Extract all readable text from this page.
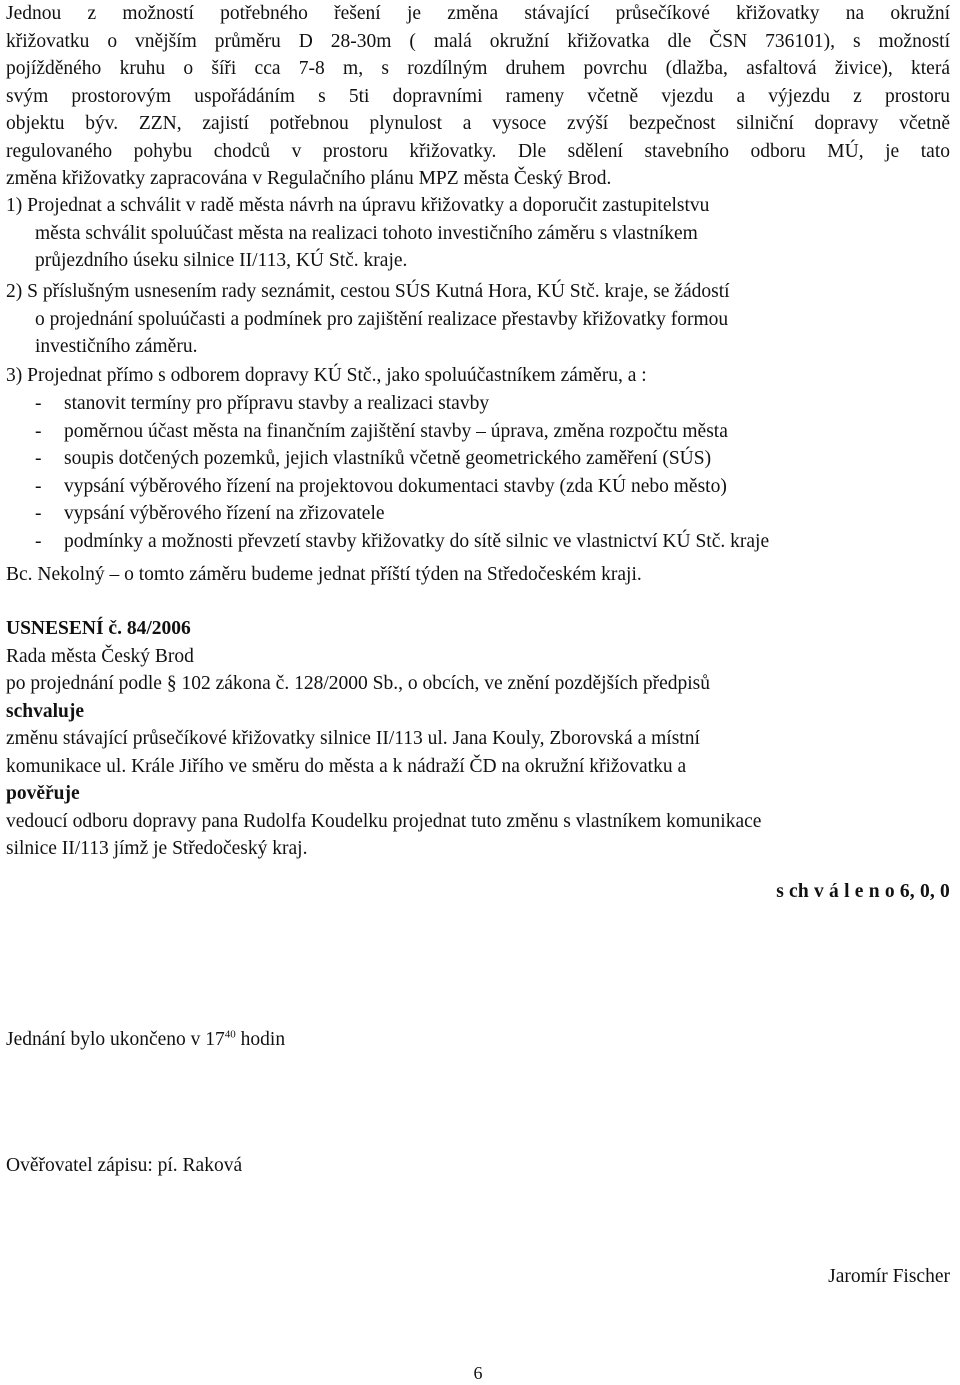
Jednou z možností potřebného řešení je změna stávající průsečíkové křižovatky na okružní
křižovatku o vnějším průměru D 28-30m ( malá okružní křižovatka dle ČSN 736101), s možností
pojížděného kruhu o šíři cca 7-8 m, s rozdílným druhem povrchu (dlažba, asfaltová živice), která
svým prostorovým uspořádáním s 5ti dopravními rameny včetně vjezdu a výjezdu z prostoru
objektu býv. ZZN, zajistí potřebnou plynulost a vysoce zvýší bezpečnost silniční dopravy včetně
regulovaného pohybu chodců v prostoru křižovatky. Dle sdělení stavebního odboru MÚ, je tato
změna křižovatky zapracována v Regulačního plánu MPZ města Český Brod.
1) Projednat a schválit v radě města návrh na úpravu křižovatky a doporučit zastupitelstvu
města schválit spoluúčast města na realizaci tohoto investičního záměru s vlastníkem
průjezdního úseku silnice II/113, KÚ Stč. kraje.
2) S příslušným usnesením rady seznámit, cestou SÚS Kutná Hora, KÚ Stč. kraje, se žádostí
o projednání spoluúčasti a podmínek pro zajištění realizace přestavby křižovatky formou
investičního záměru.
3) Projednat přímo s odborem dopravy KÚ Stč., jako spoluúčastníkem záměru, a :
- stanovit termíny pro přípravu stavby a realizaci stavby
- poměrnou účast města na finančním zajištění stavby – úprava, změna rozpočtu města
- soupis dotčených pozemků, jejich vlastníků včetně geometrického zaměření (SÚS)
- vypsání výběrového řízení na projektovou dokumentaci stavby (zda KÚ nebo město)
- vypsání výběrového řízení na zřizovatele
- podmínky a možnosti převzetí stavby křižovatky do sítě silnic ve vlastnictví KÚ Stč. kraje
Bc. Nekolný – o tomto záměru budeme jednat příští týden na Středočeském kraji.
USNESENÍ č. 84/2006
Rada města Český Brod
po projednání podle § 102 zákona č. 128/2000 Sb., o obcích, ve znění pozdějších předpisů
schvaluje
změnu stávající průsečíkové křižovatky silnice II/113 ul. Jana Kouly, Zborovská a místní
komunikace ul. Krále Jiřího ve směru do města a k nádraží ČD na okružní křižovatku a
pověřuje
vedoucí odboru dopravy pana Rudolfa Koudelku projednat tuto změnu s vlastníkem komunikace
silnice II/113 jímž je Středočeský kraj.
s ch v á l e n o 6, 0, 0
Jednání bylo ukončeno v $17^{40}$ hodin
Ověřovatel zápisu: pí. Raková
Jaromír Fischer
6
